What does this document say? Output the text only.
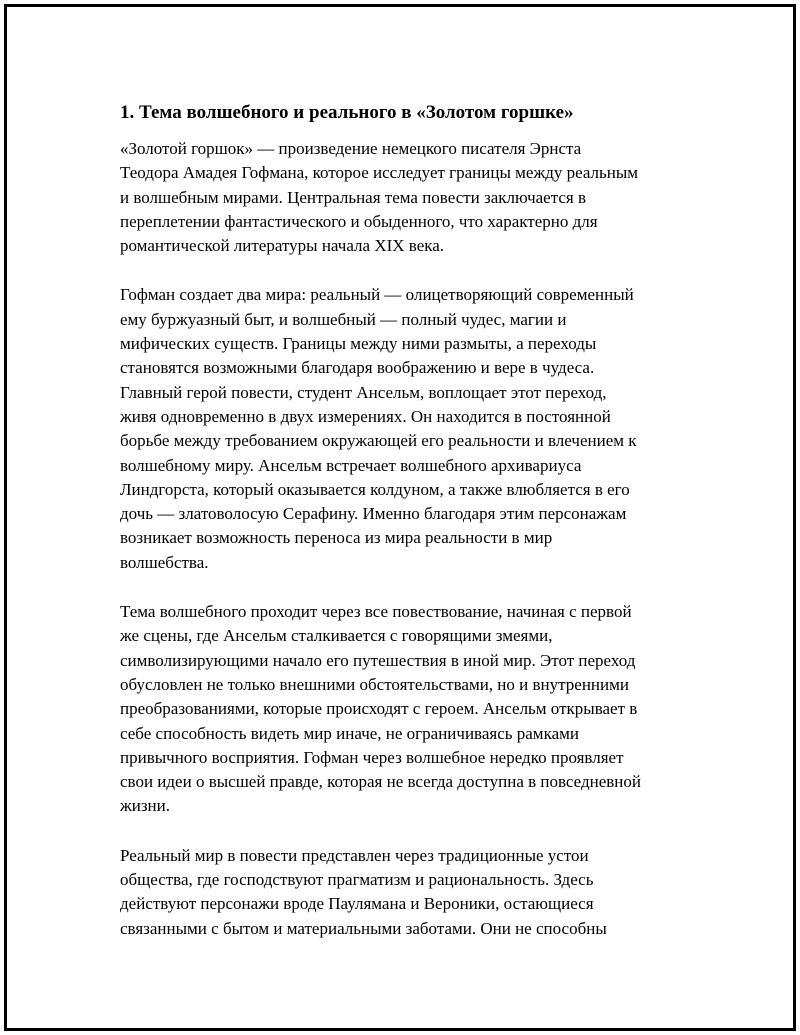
1. Тема волшебного и реального в «Золотом горшке»

«Золотой горшок» — произведение немецкого писателя Эрнста
Теодора Амадея Гофмана, которое исследует границы между реальным
и волшебным мирами. Центральная тема повести заключается в
переплетении фантастического и обыденного, что характерно для
романтической литературы начала XIX века.

Гофман создает два мира: реальный — олицетворяющий современный
ему буржуазный быт, и волшебный — полный чудес, магии и
мифических существ. Границы между ними размыты, а переходы
становятся возможными благодаря воображению и вере в чудеса.
Главный герой повести, студент Ансельм, воплощает этот переход,
живя одновременно в двух измерениях. Он находится в постоянной
борьбе между требованием окружающей его реальности и влечением к
волшебному миру. Ансельм встречает волшебного архивариуса
Линдгорста, который оказывается колдуном, а также влюбляется в его
дочь — златоволосую Серафину. Именно благодаря этим персонажам
возникает возможность переноса из мира реальности в мир
волшебства.

Тема волшебного проходит через все повествование, начиная с первой
же сцены, где Ансельм сталкивается с говорящими змеями,
символизирующими начало его путешествия в иной мир. Этот переход
обусловлен не только внешними обстоятельствами, но и внутренними
преобразованиями, которые происходят с героем. Ансельм открывает в
себе способность видеть мир иначе, не ограничиваясь рамками
привычного восприятия. Гофман через волшебное нередко проявляет
свои идеи о высшей правде, которая не всегда доступна в повседневной
жизни.

Реальный мир в повести представлен через традиционные устои
общества, где господствуют прагматизм и рациональность. Здесь
действуют персонажи вроде Паулямана и Вероники, остающиеся
связанными с бытом и материальными заботами. Они не способны
